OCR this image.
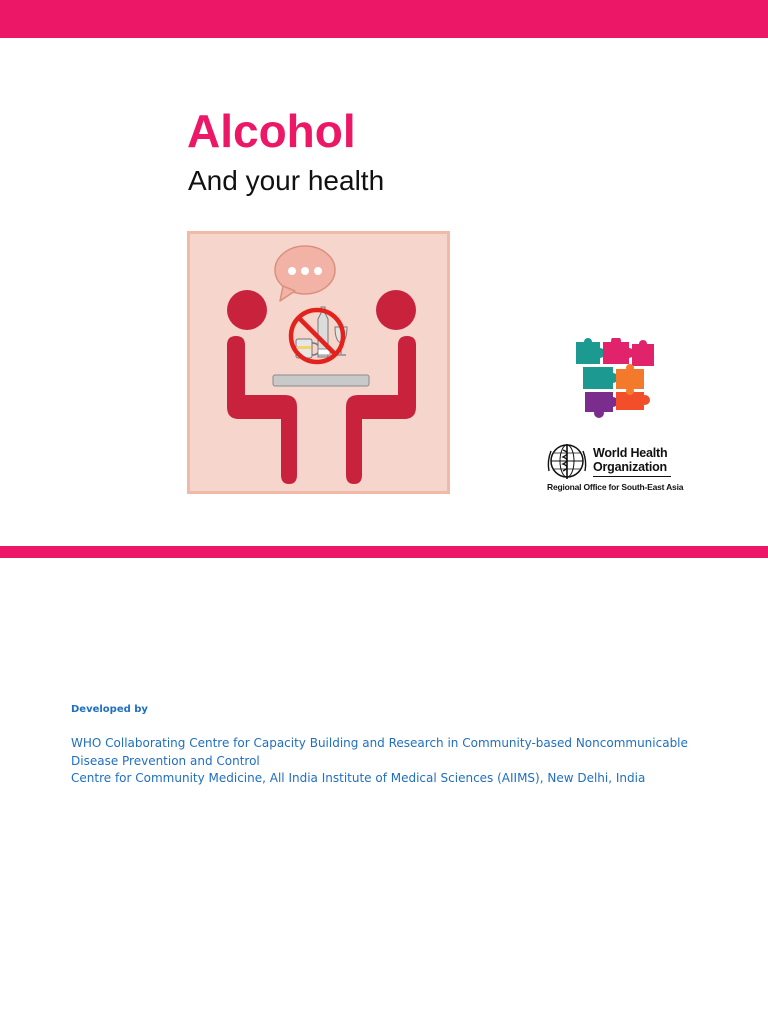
Alcohol

And your health

World Health
Organization

Regional Office for South-East Asia

Developed by

WHO Collaborating Centre for Capacity Building and Research in Community-based Noncommunicable Disease Prevention and Control

Centre for Community Medicine, All India Institute of Medical Sciences (AIIMS), New Delhi, India
